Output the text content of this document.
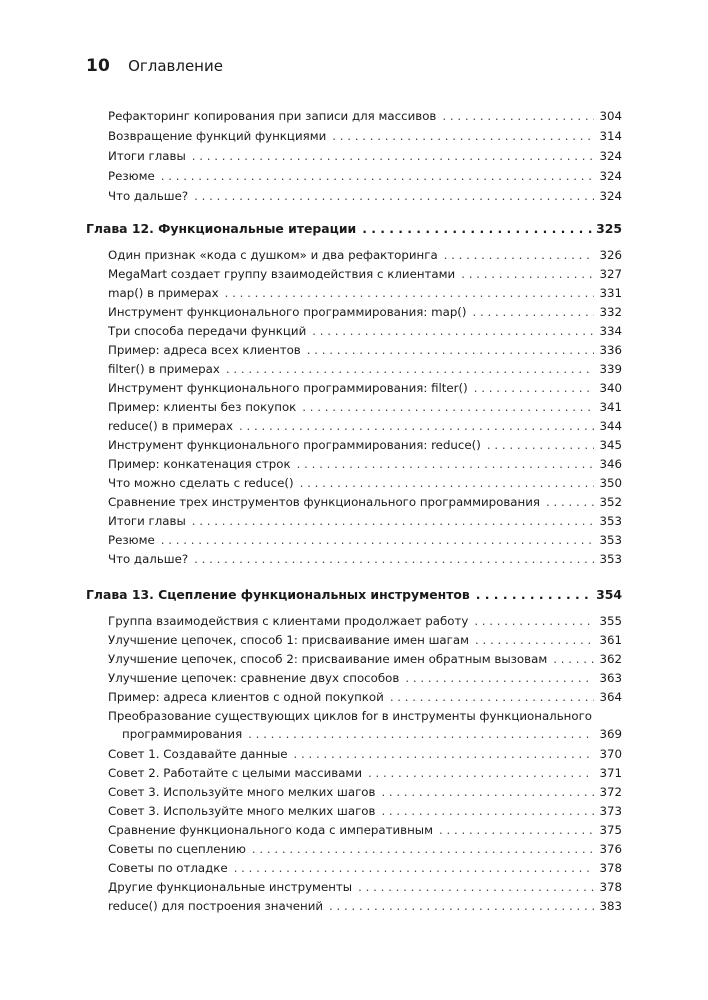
10 Оглавление
Рефакторинг копирования при записи для массивов . . .	304
Возвращение функций функциями . . .	314
Итоги главы . . .	324
Резюме . . .	324
Что дальше? . . .	324
Глава 12. Функциональные итерации . . .	325
Один признак «кода с душком» и два рефакторинга . . .	326
MegaMart создает группу взаимодействия с клиентами . . .	327
map() в примерах . . .	331
Инструмент функционального программирования: map() . . .	332
Три способа передачи функций . . .	334
Пример: адреса всех клиентов . . .	336
filter() в примерах . . .	339
Инструмент функционального программирования: filter() . . .	340
Пример: клиенты без покупок . . .	341
reduce() в примерах . . .	344
Инструмент функционального программирования: reduce() . . .	345
Пример: конкатенация строк . . .	346
Что можно сделать с reduce() . . .	350
Сравнение трех инструментов функционального программирования . . .	352
Итоги главы . . .	353
Резюме . . .	353
Что дальше? . . .	353
Глава 13. Сцепление функциональных инструментов . . .	354
Группа взаимодействия с клиентами продолжает работу . . .	355
Улучшение цепочек, способ 1: присваивание имен шагам . . .	361
Улучшение цепочек, способ 2: присваивание имен обратным вызовам . . .	362
Улучшение цепочек: сравнение двух способов . . .	363
Пример: адреса клиентов с одной покупкой . . .	364
Преобразование существующих циклов for в инструменты функционального
программирования . . .	369
Совет 1. Создавайте данные . . .	370
Совет 2. Работайте с целыми массивами . . .	371
Совет 3. Используйте много мелких шагов . . .	372
Совет 3. Используйте много мелких шагов . . .	373
Сравнение функционального кода с императивным . . .	375
Советы по сцеплению . . .	376
Советы по отладке . . .	378
Другие функциональные инструменты . . .	378
reduce() для построения значений . . .	383
